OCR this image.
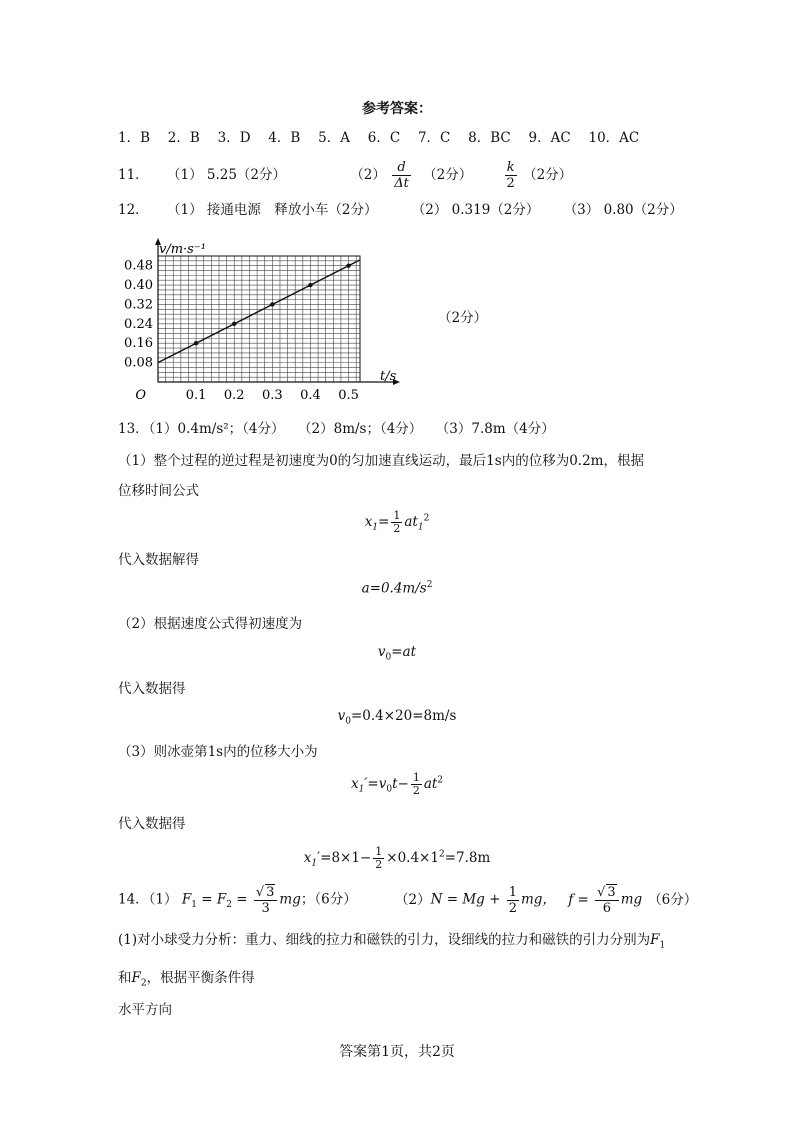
参考答案：
1．B　 2．B　 3．D　 4．B　 5．A　 6．C　 7．C　 8．BC　 9．AC　 10．AC
11． （1） 5.25（2分）	$(2) \frac{d}{\Delta t} (2$分） $\frac{k}{2} (2$分）
12． （1） 接通电源　释放小车（2分）	（2） 0.319（2分） （3） 0.80（2分）
0.1 0.2 0.3 0.4 0.5
0.08
0.16
0.24
0.32
0.40
0.48
O
t/s
v/m·s⁻¹
（2分）
13．（1）0.4m/s²；（4分）　　（2）8m/s；（4分）　　（3）7.8m（4分）
（1）整个过程的逆过程是初速度为0的匀加速直线运动，最后1s内的位移为0.2m，根据
位移时间公式
$x_1= \frac{1}{2} at_1^2$
代入数据解得
$a=0.4m/s^2$
（2）根据速度公式得初速度为
$v_0=at$
代入数据得
$v_0=0.4\times 20=8m/s$
（3）则冰壶第1s内的位移大小为
$x_1'=v_0t- \frac{1}{2} at^2$
代入数据得
$x_1'=8\times 1- \frac{1}{2} \times 0.4\times 1^2=7.8m$
14．（1） $F_1 = F_2 = \frac{√ 3}{3}$ mg；（6分）	$(2)N = Mg + \frac{1}{2}$ mg， $f = \frac{√ 3}{6}$ mg （6分）
(1)对小球受力分析：重力、细线的拉力和磁铁的引力，设细线的拉力和磁铁的引力分别为$F_1$
和$F_2$，根据平衡条件得
水平方向
答案第1页，共2页
